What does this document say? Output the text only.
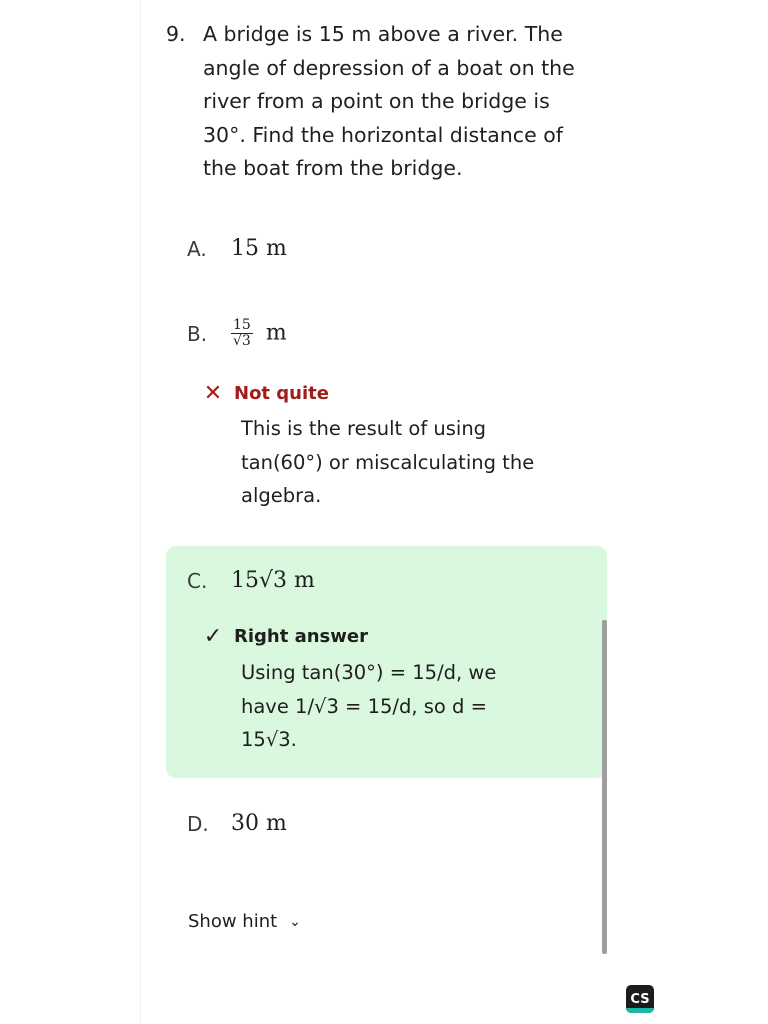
9. A bridge is 15 m above a river. The
angle of depression of a boat on the
river from a point on the bridge is
30°. Find the horizontal distance of
the boat from the bridge.
A.	15 m
B.	$\frac{15}{√3}$ m
✕ Not quite
This is the result of using
tan(60°) or miscalculating the
algebra.
C.	15√3 m
✓ Right answer
Using tan(30°) = 15/d, we
have 1/√3 = 15/d, so d =
15√3.
D.	30 m
Show hint ⌄
CS
